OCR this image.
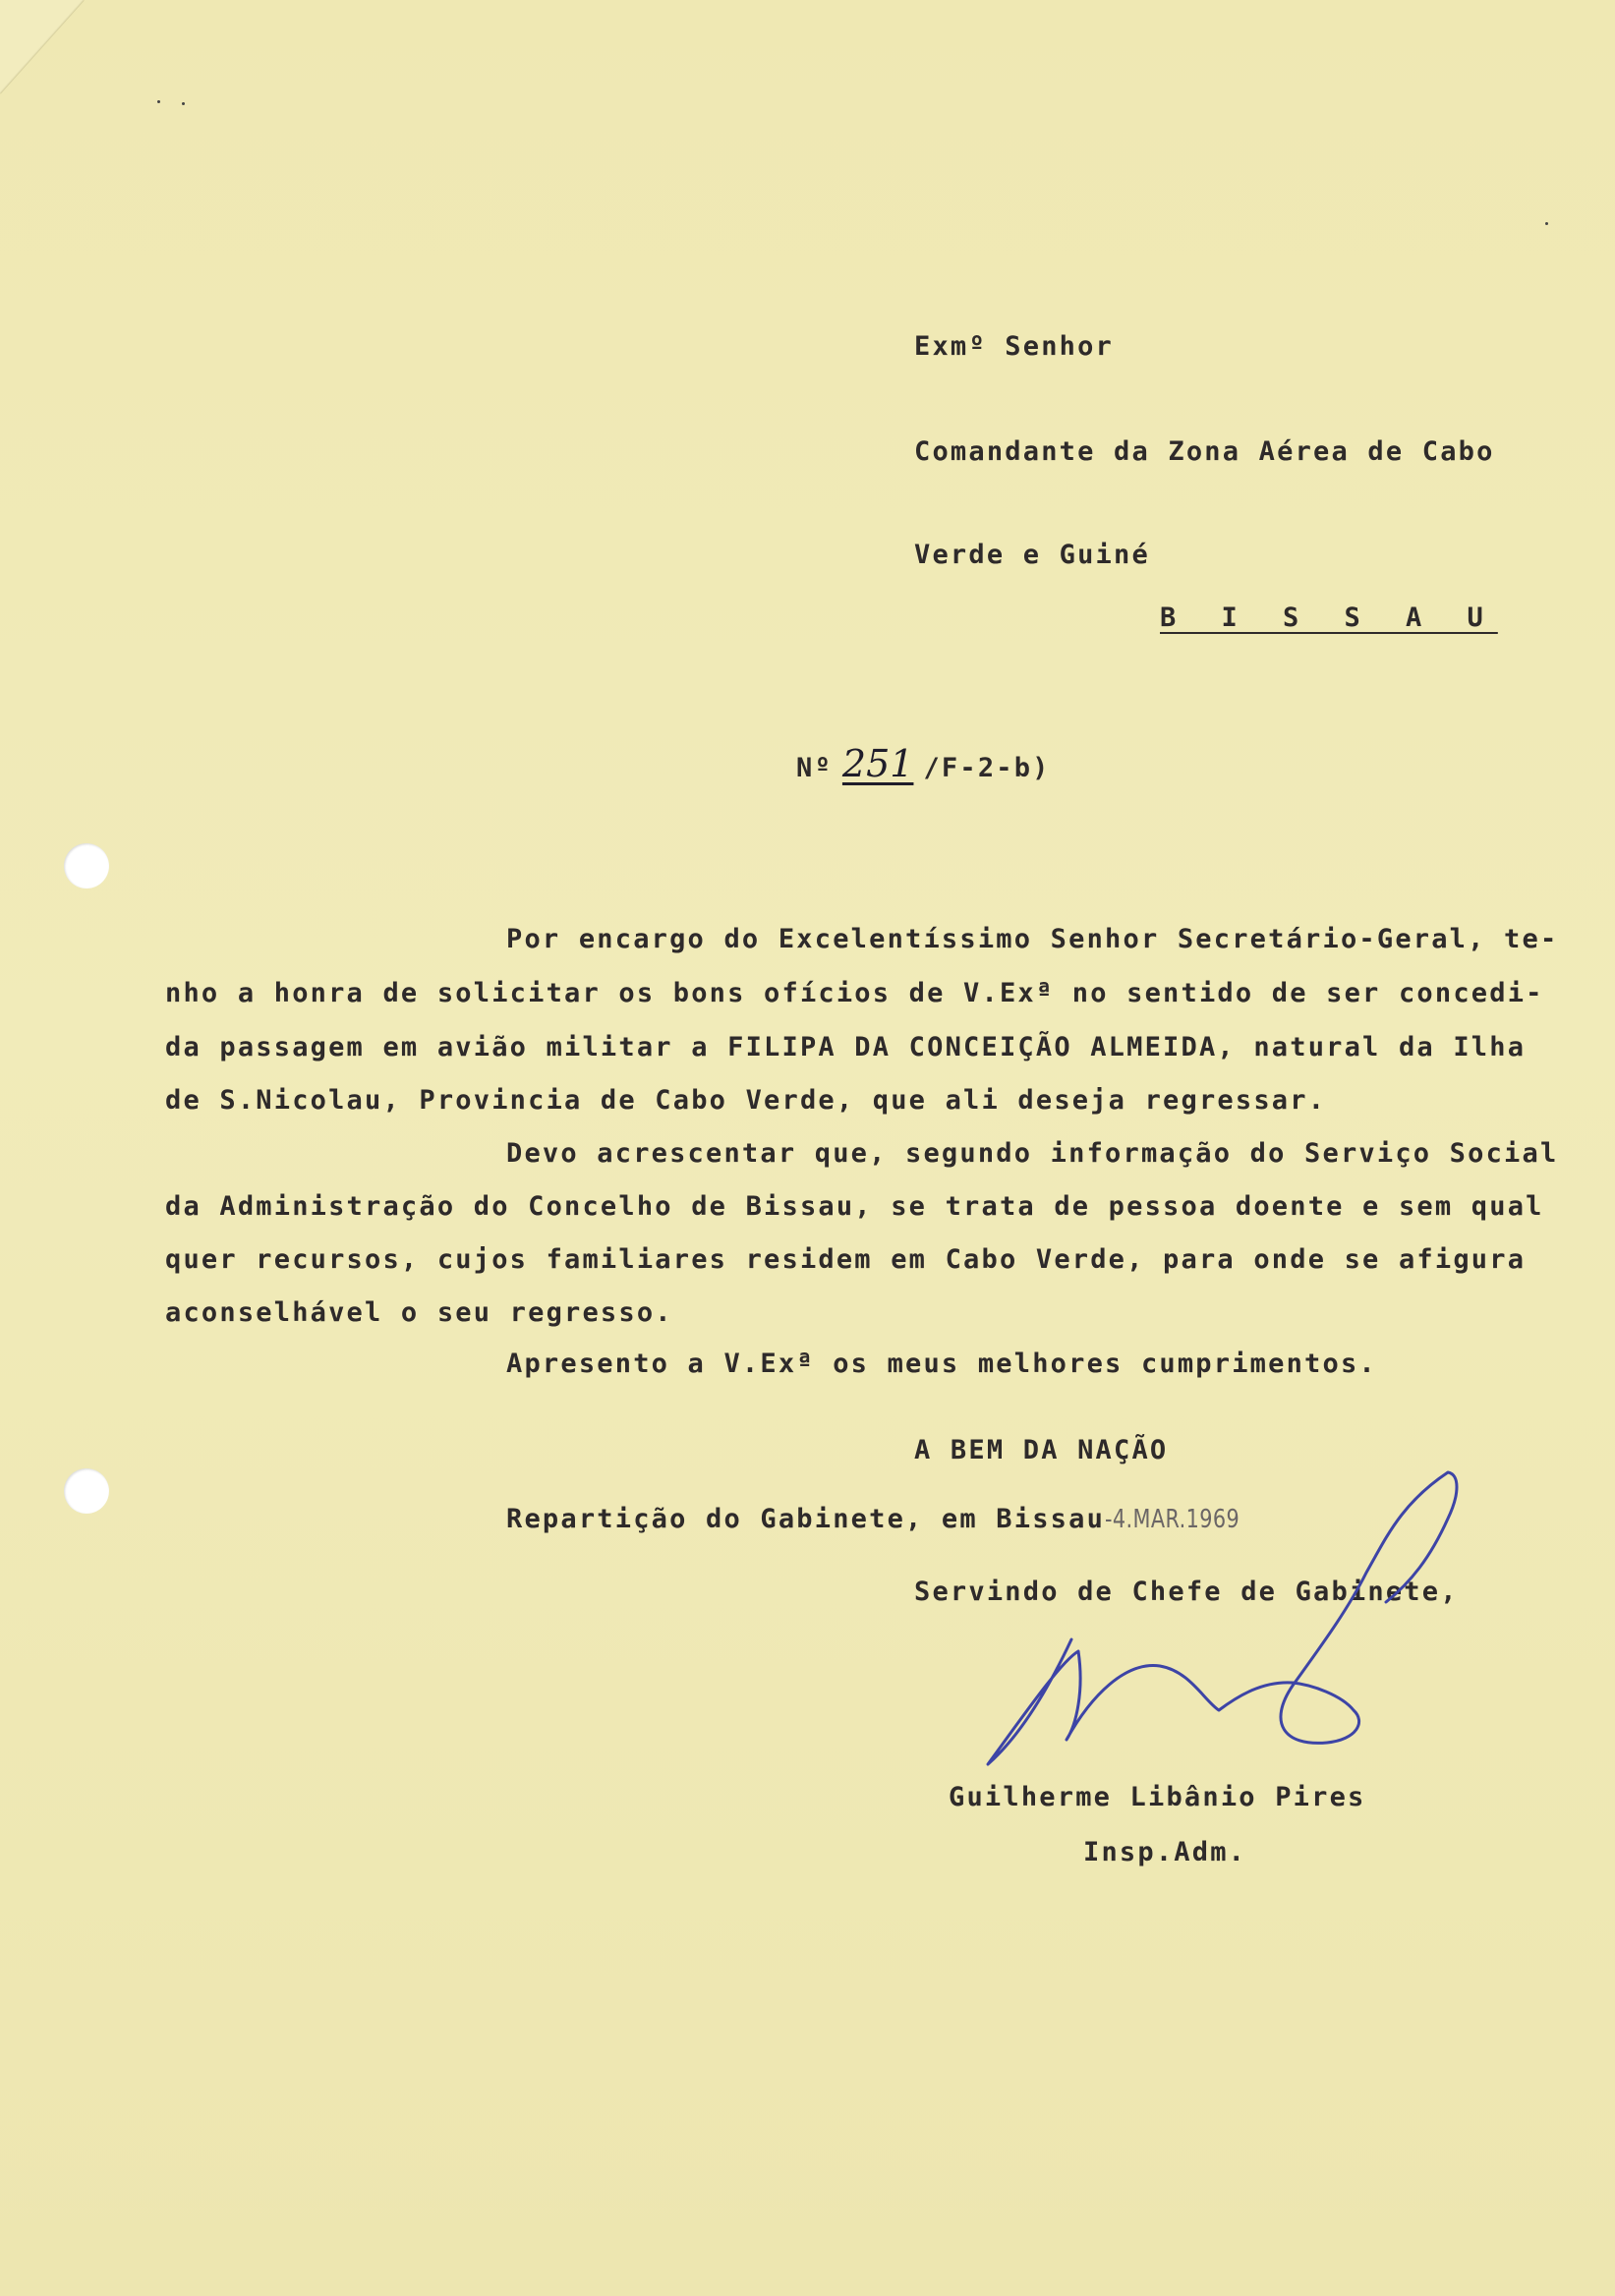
Exmº Senhor
Comandante da Zona Aérea de Cabo
Verde e Guiné
B I S S A U
Nº 251 /F-2-b)
Por encargo do Excelentíssimo Senhor Secretário-Geral, te-
nho a honra de solicitar os bons ofícios de V.Exª no sentido de ser concedi-
da passagem em avião militar a FILIPA DA CONCEIÇÃO ALMEIDA, natural da Ilha
de S.Nicolau, Provincia de Cabo Verde, que ali deseja regressar.
Devo acrescentar que, segundo informação do Serviço Social
da Administração do Concelho de Bissau, se trata de pessoa doente e sem qual
quer recursos, cujos familiares residem em Cabo Verde, para onde se afigura
aconselhável o seu regresso.
Apresento a V.Exª os meus melhores cumprimentos.
A BEM DA NAÇÃO
Repartição do Gabinete, em Bissau-4.MAR.1969
Servindo de Chefe de Gabinete,
Guilherme Libânio Pires
Insp.Adm.
